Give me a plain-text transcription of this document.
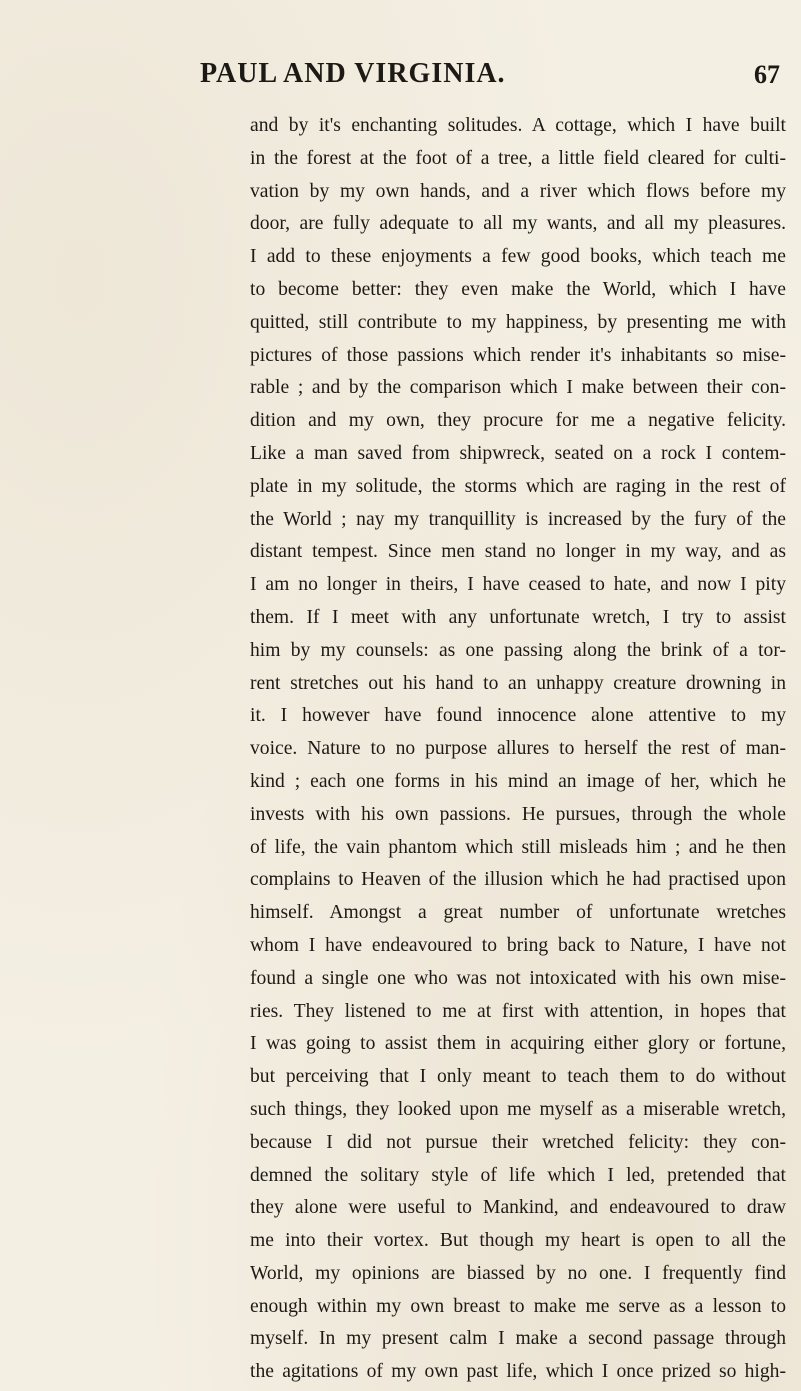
PAUL AND VIRGINIA.	67
and by it's enchanting solitudes. A cottage, which I have built
in the forest at the foot of a tree, a little field cleared for culti-
vation by my own hands, and a river which flows before my
door, are fully adequate to all my wants, and all my pleasures.
I add to these enjoyments a few good books, which teach me
to become better: they even make the World, which I have
quitted, still contribute to my happiness, by presenting me with
pictures of those passions which render it's inhabitants so mise-
rable ; and by the comparison which I make between their con-
dition and my own, they procure for me a negative felicity.
Like a man saved from shipwreck, seated on a rock I contem-
plate in my solitude, the storms which are raging in the rest of
the World ; nay my tranquillity is increased by the fury of the
distant tempest. Since men stand no longer in my way, and as
I am no longer in theirs, I have ceased to hate, and now I pity
them. If I meet with any unfortunate wretch, I try to assist
him by my counsels: as one passing along the brink of a tor-
rent stretches out his hand to an unhappy creature drowning in
it. I however have found innocence alone attentive to my
voice. Nature to no purpose allures to herself the rest of man-
kind ; each one forms in his mind an image of her, which he
invests with his own passions. He pursues, through the whole
of life, the vain phantom which still misleads him ; and he then
complains to Heaven of the illusion which he had practised upon
himself. Amongst a great number of unfortunate wretches
whom I have endeavoured to bring back to Nature, I have not
found a single one who was not intoxicated with his own mise-
ries. They listened to me at first with attention, in hopes that
I was going to assist them in acquiring either glory or fortune,
but perceiving that I only meant to teach them to do without
such things, they looked upon me myself as a miserable wretch,
because I did not pursue their wretched felicity: they con-
demned the solitary style of life which I led, pretended that
they alone were useful to Mankind, and endeavoured to draw
me into their vortex. But though my heart is open to all the
World, my opinions are biassed by no one. I frequently find
enough within my own breast to make me serve as a lesson to
myself. In my present calm I make a second passage through
the agitations of my own past life, which I once prized so high-
